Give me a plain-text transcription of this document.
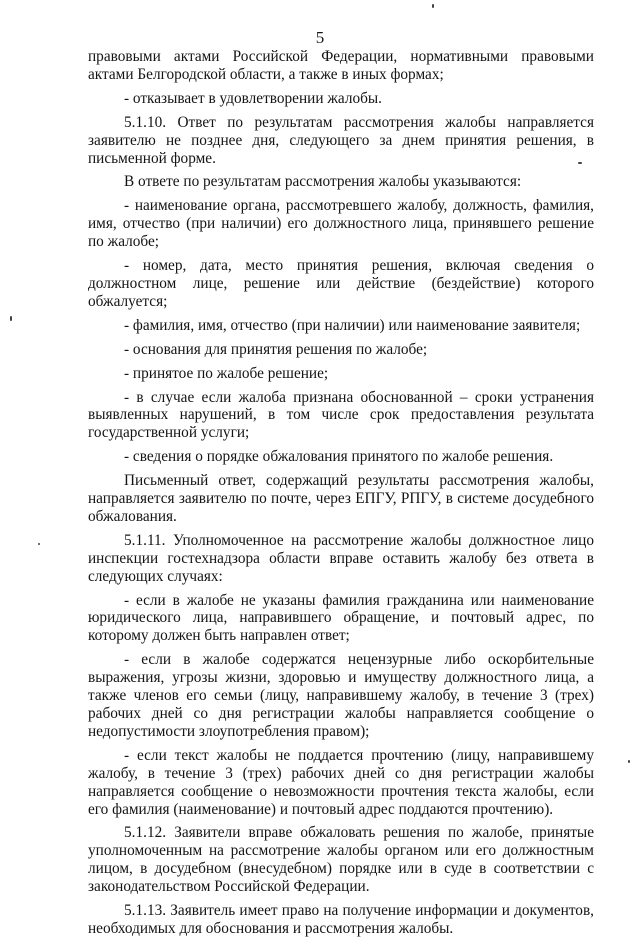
5

правовыми актами Российской Федерации, нормативными правовыми актами Белгородской области, а также в иных формах;

- отказывает в удовлетворении жалобы.

5.1.10. Ответ по результатам рассмотрения жалобы направляется заявителю не позднее дня, следующего за днем принятия решения, в письменной форме.

В ответе по результатам рассмотрения жалобы указываются:

- наименование органа, рассмотревшего жалобу, должность, фамилия, имя, отчество (при наличии) его должностного лица, принявшего решение по жалобе;

- номер, дата, место принятия решения, включая сведения о должностном лице, решение или действие (бездействие) которого обжалуется;

- фамилия, имя, отчество (при наличии) или наименование заявителя;

- основания для принятия решения по жалобе;

- принятое по жалобе решение;

- в случае если жалоба признана обоснованной – сроки устранения выявленных нарушений, в том числе срок предоставления результата государственной услуги;

- сведения о порядке обжалования принятого по жалобе решения.

Письменный ответ, содержащий результаты рассмотрения жалобы, направляется заявителю по почте, через ЕПГУ, РПГУ, в системе досудебного обжалования.

5.1.11. Уполномоченное на рассмотрение жалобы должностное лицо инспекции гостехнадзора области вправе оставить жалобу без ответа в следующих случаях:

- если в жалобе не указаны фамилия гражданина или наименование юридического лица, направившего обращение, и почтовый адрес, по которому должен быть направлен ответ;

- если в жалобе содержатся нецензурные либо оскорбительные выражения, угрозы жизни, здоровью и имуществу должностного лица, а также членов его семьи (лицу, направившему жалобу, в течение 3 (трех) рабочих дней со дня регистрации жалобы направляется сообщение о недопустимости злоупотребления правом);

- если текст жалобы не поддается прочтению (лицу, направившему жалобу, в течение 3 (трех) рабочих дней со дня регистрации жалобы направляется сообщение о невозможности прочтения текста жалобы, если его фамилия (наименование) и почтовый адрес поддаются прочтению).

5.1.12. Заявители вправе обжаловать решения по жалобе, принятые уполномоченным на рассмотрение жалобы органом или его должностным лицом, в досудебном (внесудебном) порядке или в суде в соответствии с законодательством Российской Федерации.

5.1.13. Заявитель имеет право на получение информации и документов, необходимых для обоснования и рассмотрения жалобы.
